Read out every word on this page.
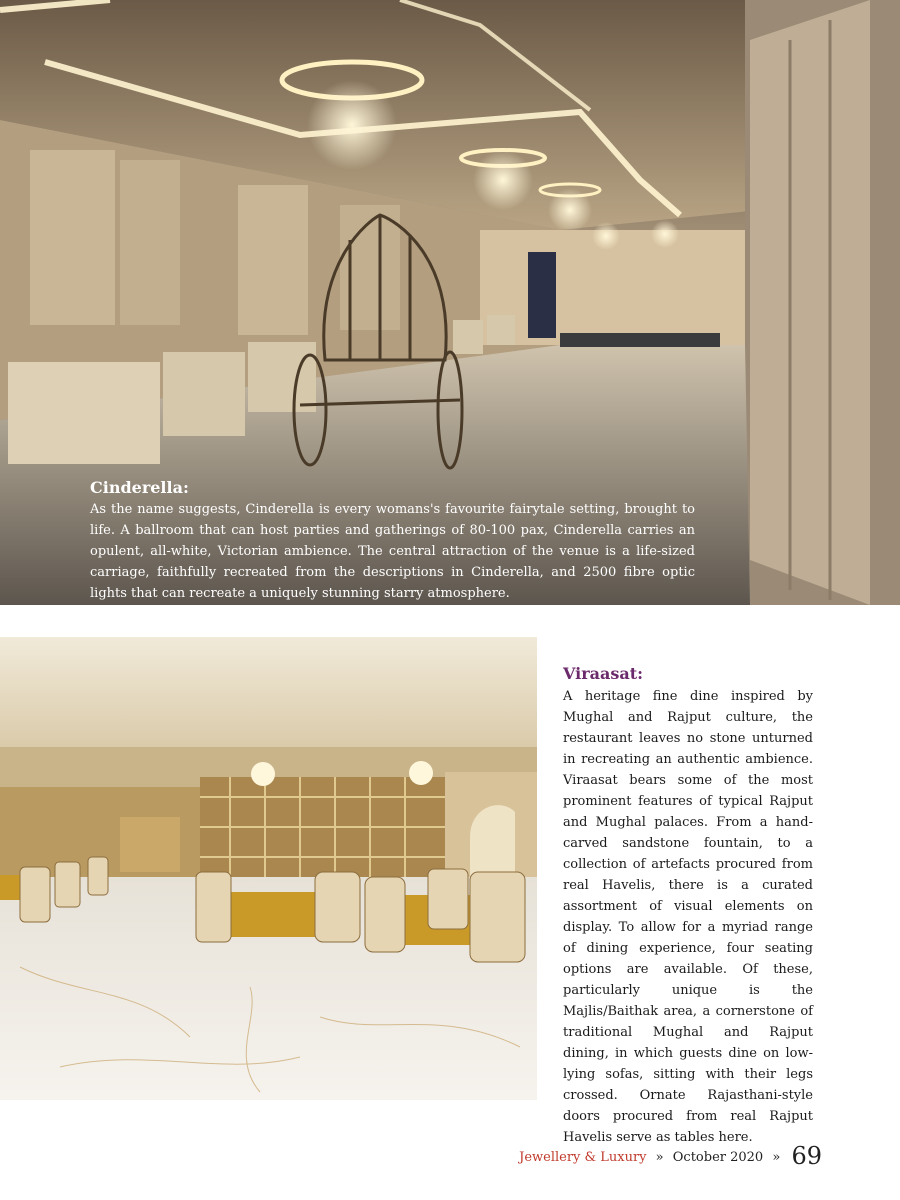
Cinderella:

As the name suggests, Cinderella is every womans's favourite fairytale setting, brought to life. A ballroom that can host parties and gatherings of 80-100 pax, Cinderella carries an opulent, all-white, Victorian ambience. The central attraction of the venue is a life-sized carriage, faithfully recreated from the descriptions in Cinderella, and 2500 fibre optic lights that can recreate a uniquely stunning starry atmosphere.

Viraasat:

A heritage fine dine inspired by Mughal and Rajput culture, the restaurant leaves no stone unturned in recreating an authentic ambience. Viraasat bears some of the most prominent features of typical Rajput and Mughal palaces. From a hand-carved sandstone fountain, to a collection of artefacts procured from real Havelis, there is a curated assortment of visual elements on display. To allow for a myriad range of dining experience, four seating options are available. Of these, particularly unique is the Majlis/Baithak area, a cornerstone of traditional Mughal and Rajput dining, in which guests dine on low-lying sofas, sitting with their legs crossed. Ornate Rajasthani-style doors procured from real Rajput Havelis serve as tables here.

Jewellery & Luxury » October 2020 » 69
